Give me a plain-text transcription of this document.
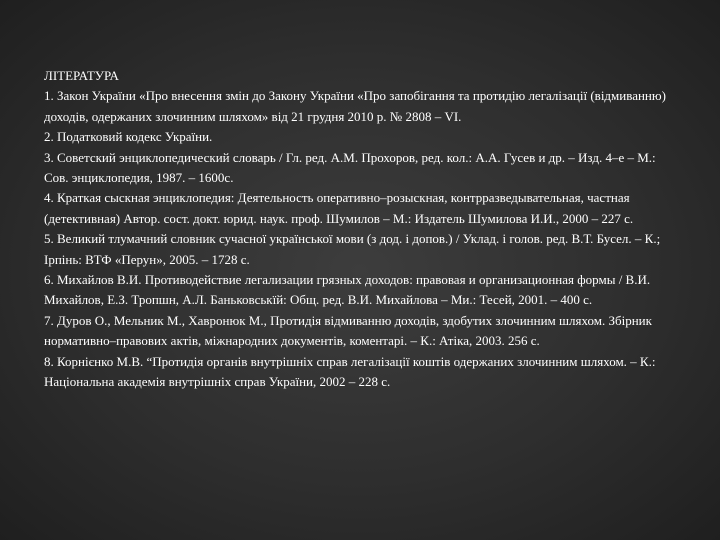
ЛІТЕРАТУРА
1. Закон України «Про внесення змін до Закону України «Про запобігання та протидію легалізації (відмиванню) доходів, одержаних злочинним шляхом» від 21 грудня 2010 р. № 2808 – VI.
2. Податковий кодекс України.
3. Советский энциклопедический словарь / Гл. ред. А.М. Прохоров, ред. кол.: А.А. Гусев и др. – Изд. 4–е – М.: Сов. энциклопедия, 1987. – 1600с.
4. Краткая сыскная энциклопедия: Деятельность оперативно–розыскная, контрразведывательная, частная (детективная) Автор. сост. докт. юрид. наук. проф. Шумилов – М.: Издатель Шумилова И.И., 2000 – 227 с.
5. Великий тлумачний словник сучасної української мови (з дод. і допов.) / Уклад. і голов. ред. В.Т. Бусел. – К.; Ірпінь: ВТФ «Перун», 2005. – 1728 с.
6. Михайлов В.И. Противодействие легализации грязных доходов: правовая и организационная формы / В.И. Михайлов, Е.З. Тропшн, А.Л. Баньковськїй: Общ. ред. В.И. Михайлова – Ми.: Тесей, 2001. – 400 с.
7. Дуров О., Мельник М., Хавронюк М., Протидія відмиванню доходів, здобутих злочинним шляхом. Збірник нормативно–правових актів, міжнародних документів, коментарі. – К.: Атіка, 2003. 256 с.
8. Корнієнко М.В. “Протидія органів внутрішніх справ легалізації коштів одержаних злочинним шляхом. – К.: Національна академія внутрішніх справ України, 2002 – 228 с.
